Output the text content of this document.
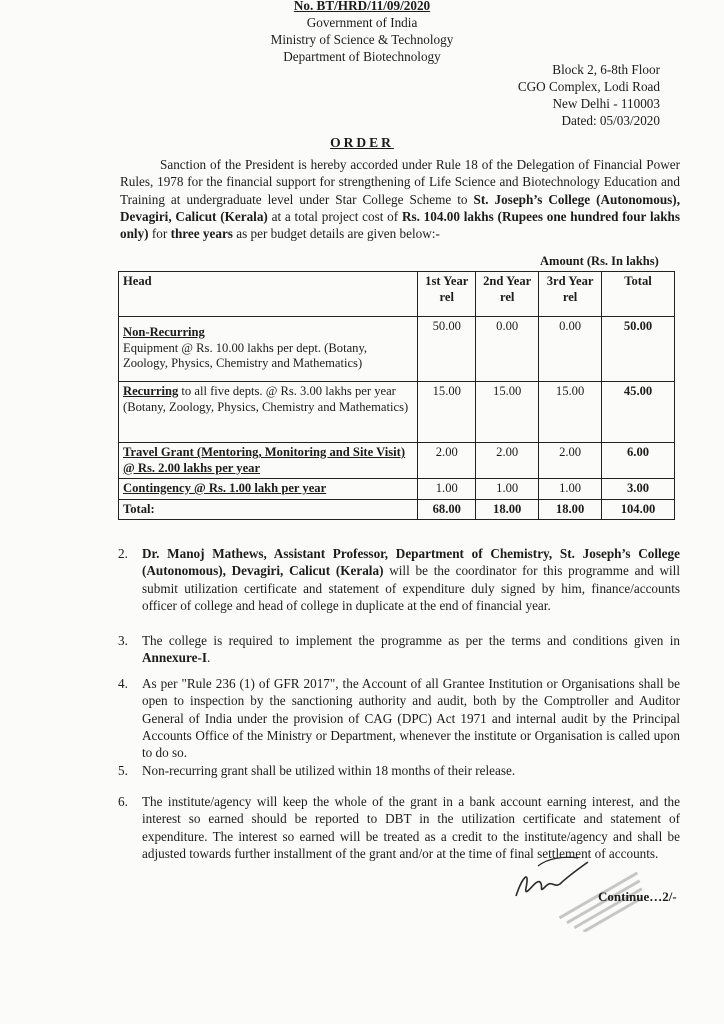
No. BT/HRD/11/09/2020
Government of India
Ministry of Science & Technology
Department of Biotechnology
Block 2, 6-8th Floor
CGO Complex, Lodi Road
New Delhi - 110003
Dated: 05/03/2020
ORDER
Sanction of the President is hereby accorded under Rule 18 of the Delegation of Financial Power Rules, 1978 for the financial support for strengthening of Life Science and Biotechnology Education and Training at undergraduate level under Star College Scheme to St. Joseph’s College (Autonomous), Devagiri, Calicut (Kerala) at a total project cost of Rs. 104.00 lakhs (Rupees one hundred four lakhs only) for three years as per budget details are given below:-
Amount (Rs. In lakhs)
Head	1st Year rel	2nd Year rel	3rd Year rel	Total

Non-Recurring
Equipment @ Rs. 10.00 lakhs per dept. (Botany, Zoology, Physics, Chemistry and Mathematics)	50.00	0.00	0.00	50.00
Recurring to all five depts. @ Rs. 3.00 lakhs per year (Botany, Zoology, Physics, Chemistry and Mathematics)	15.00	15.00	15.00	45.00
Travel Grant (Mentoring, Monitoring and Site Visit) @ Rs. 2.00 lakhs per year	2.00	2.00	2.00	6.00
Contingency @ Rs. 1.00 lakh per year	1.00	1.00	1.00	3.00
Total:	68.00	18.00	18.00	104.00
2. Dr. Manoj Mathews, Assistant Professor, Department of Chemistry, St. Joseph’s College (Autonomous), Devagiri, Calicut (Kerala) will be the coordinator for this programme and will submit utilization certificate and statement of expenditure duly signed by him, finance/accounts officer of college and head of college in duplicate at the end of financial year.
3. The college is required to implement the programme as per the terms and conditions given in Annexure-I.
4. As per "Rule 236 (1) of GFR 2017", the Account of all Grantee Institution or Organisations shall be open to inspection by the sanctioning authority and audit, both by the Comptroller and Auditor General of India under the provision of CAG (DPC) Act 1971 and internal audit by the Principal Accounts Office of the Ministry or Department, whenever the institute or Organisation is called upon to do so.
5. Non-recurring grant shall be utilized within 18 months of their release.
6. The institute/agency will keep the whole of the grant in a bank account earning interest, and the interest so earned should be reported to DBT in the utilization certificate and statement of expenditure. The interest so earned will be treated as a credit to the institute/agency and shall be adjusted towards further installment of the grant and/or at the time of final settlement of accounts.
Continue…2/-
